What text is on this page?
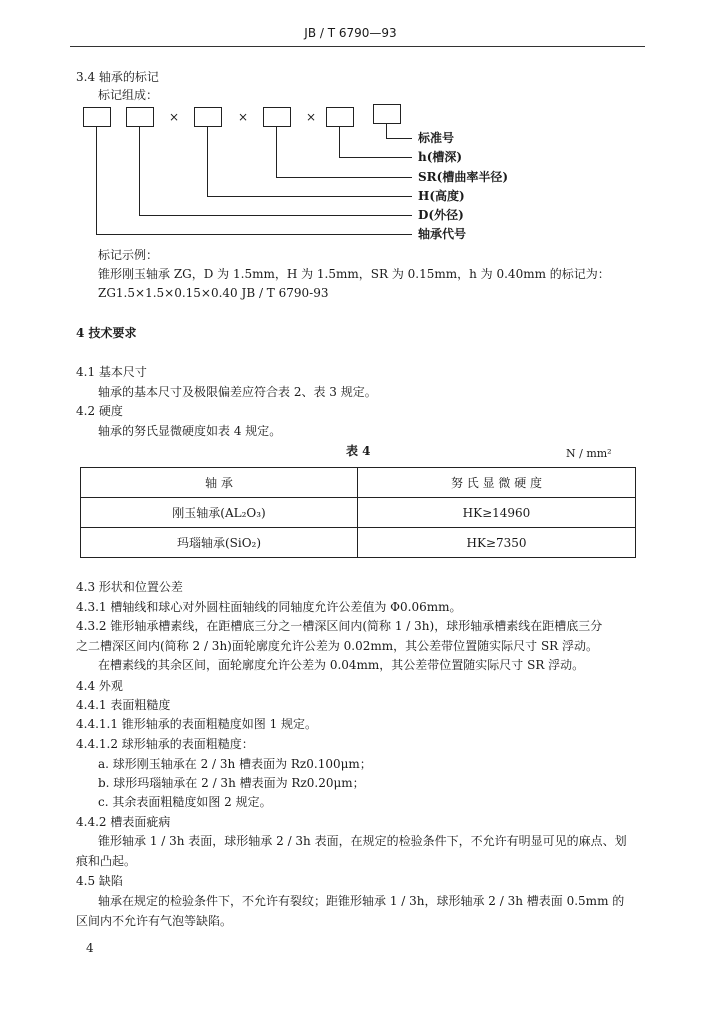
JB / T 6790—93
3.4 轴承的标记
标记组成：
×	×	×
标准号
h(槽深)
SR(槽曲率半径)
H(高度)
D(外径)
轴承代号
标记示例：
锥形刚玉轴承 ZG，D 为 1.5mm，H 为 1.5mm，SR 为 0.15mm，h 为 0.40mm 的标记为：
ZG1.5×1.5×0.15×0.40 JB / T 6790-93
4 技术要求
4.1 基本尺寸
轴承的基本尺寸及极限偏差应符合表 2、表 3 规定。
4.2 硬度
轴承的努氏显微硬度如表 4 规定。
表 4	N / mm²
轴 承	努 氏 显 微 硬 度
刚玉轴承(AL₂O₃)	HK≥14960
玛瑙轴承(SiO₂)	HK≥7350
4.3 形状和位置公差
4.3.1 槽轴线和球心对外圆柱面轴线的同轴度允许公差值为 Φ0.06mm。
4.3.2 锥形轴承槽素线，在距槽底三分之一槽深区间内(简称 1 / 3h)，球形轴承槽素线在距槽底三分
之二槽深区间内(简称 2 / 3h)面轮廓度允许公差为 0.02mm，其公差带位置随实际尺寸 SR 浮动。
在槽素线的其余区间，面轮廓度允许公差为 0.04mm，其公差带位置随实际尺寸 SR 浮动。
4.4 外观
4.4.1 表面粗糙度
4.4.1.1 锥形轴承的表面粗糙度如图 1 规定。
4.4.1.2 球形轴承的表面粗糙度：
a. 球形刚玉轴承在 2 / 3h 槽表面为 Rz0.100μm；
b. 球形玛瑙轴承在 2 / 3h 槽表面为 Rz0.20μm；
c. 其余表面粗糙度如图 2 规定。
4.4.2 槽表面疵病
锥形轴承 1 / 3h 表面，球形轴承 2 / 3h 表面，在规定的检验条件下，不允许有明显可见的麻点、划
痕和凸起。
4.5 缺陷
轴承在规定的检验条件下，不允许有裂纹；距锥形轴承 1 / 3h，球形轴承 2 / 3h 槽表面 0.5mm 的
区间内不允许有气泡等缺陷。
4
